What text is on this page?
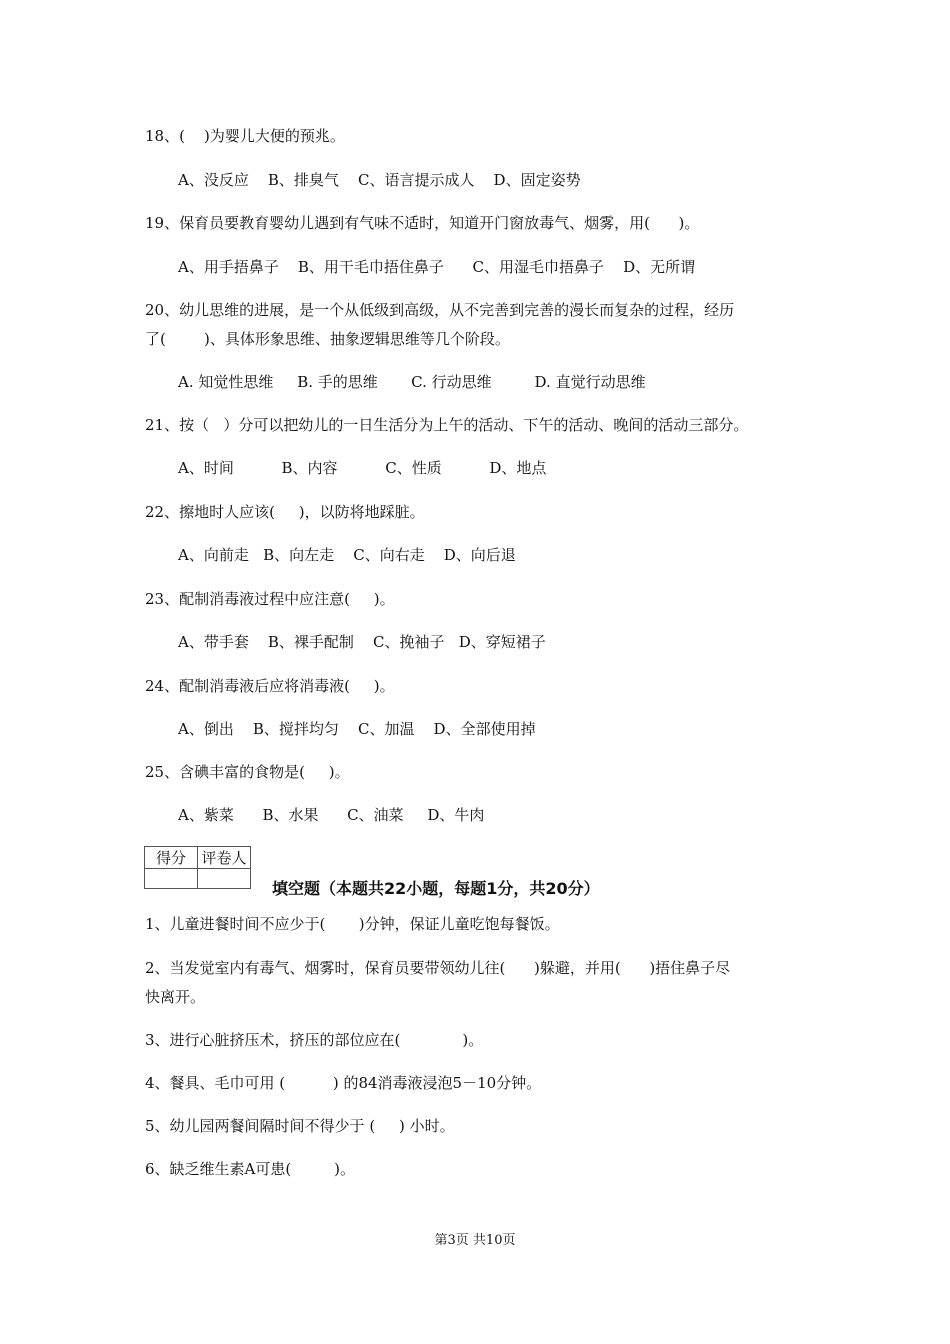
18、(    )为婴儿大便的预兆。
A、没反应    B、排臭气    C、语言提示成人    D、固定姿势
19、保育员要教育婴幼儿遇到有气味不适时，知道开门窗放毒气、烟雾，用(      )。
A、用手捂鼻子    B、用干毛巾捂住鼻子      C、用湿毛巾捂鼻子    D、无所谓
20、幼儿思维的进展，是一个从低级到高级，从不完善到完善的漫长而复杂的过程，经历
了(        )、具体形象思维、抽象逻辑思维等几个阶段。
A. 知觉性思维     B. 手的思维       C. 行动思维         D. 直觉行动思维
21、按（   ）分可以把幼儿的一日生活分为上午的活动、下午的活动、晚间的活动三部分。
A、时间          B、内容          C、性质          D、地点
22、擦地时人应该(     )，以防将地踩脏。
A、向前走   B、向左走    C、向右走    D、向后退
23、配制消毒液过程中应注意(     )。
A、带手套    B、裸手配制    C、挽袖子   D、穿短裙子
24、配制消毒液后应将消毒液(     )。
A、倒出    B、搅拌均匀    C、加温    D、全部使用掉
25、含碘丰富的食物是(     )。
A、紫菜      B、水果      C、油菜     D、牛肉
得分	评卷人

填空题（本题共22小题，每题1分，共20分）
1、儿童进餐时间不应少于(       )分钟，保证儿童吃饱每餐饭。
2、当发觉室内有毒气、烟雾时，保育员要带领幼儿往(      )躲避，并用(      )捂住鼻子尽
快离开。
3、进行心脏挤压术，挤压的部位应在(             )。
4、餐具、毛巾可用 (          ) 的84消毒液浸泡5－10分钟。
5、幼儿园两餐间隔时间不得少于 (     ) 小时。
6、缺乏维生素A可患(         )。
第3页 共10页
